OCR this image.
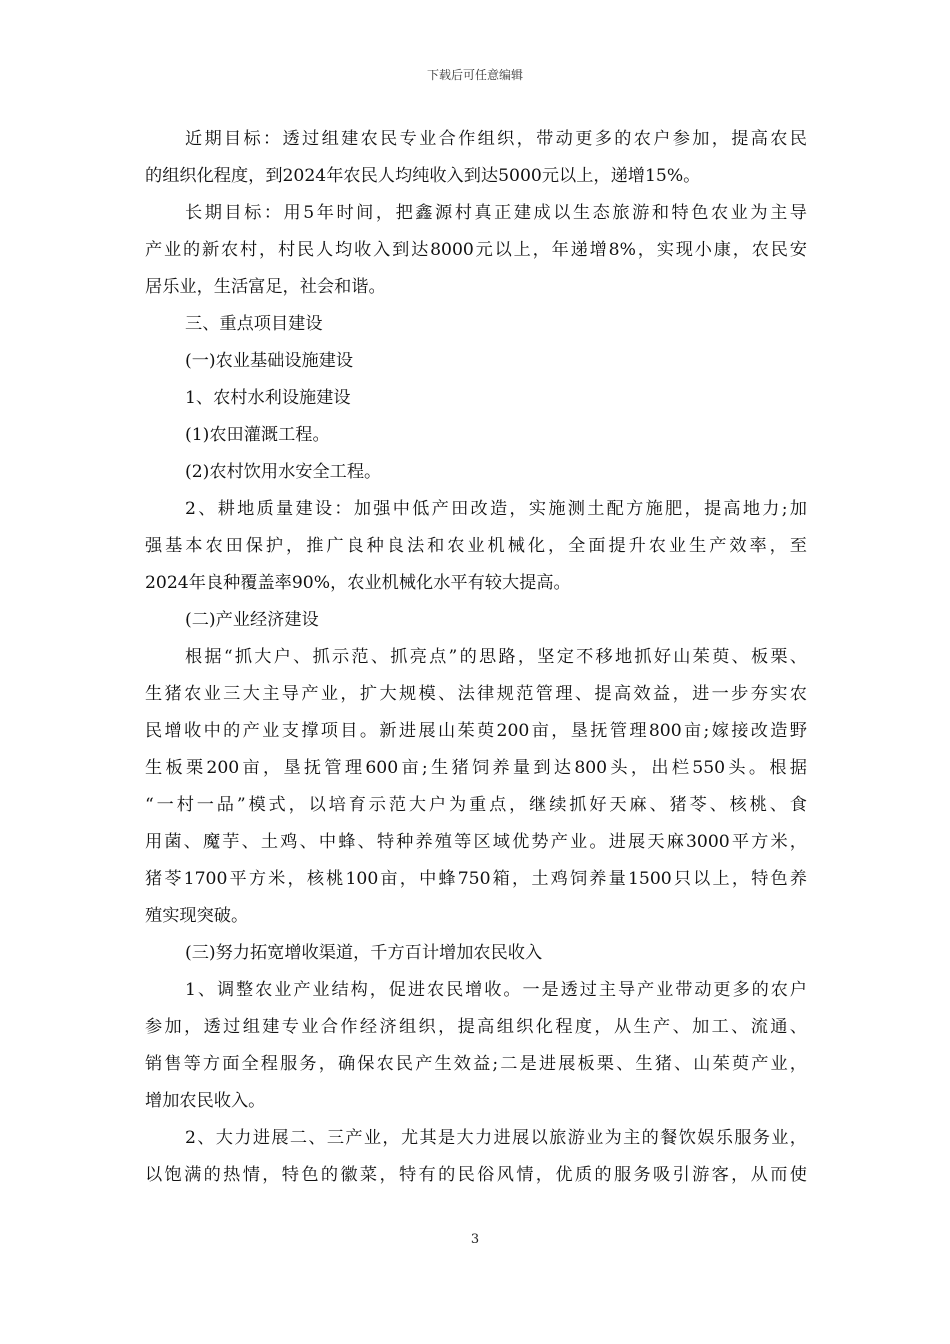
下载后可任意编辑
近期目标：透过组建农民专业合作组织，带动更多的农户参加，提高农民
的组织化程度，到2024年农民人均纯收入到达5000元以上，递增15%。
长期目标：用5年时间，把鑫源村真正建成以生态旅游和特色农业为主导
产业的新农村，村民人均收入到达8000元以上，年递增8%，实现小康，农民安
居乐业，生活富足，社会和谐。
三、重点项目建设
(一)农业基础设施建设
1、农村水利设施建设
(1)农田灌溉工程。
(2)农村饮用水安全工程。
2、耕地质量建设：加强中低产田改造，实施测土配方施肥，提高地力;加
强基本农田保护，推广良种良法和农业机械化，全面提升农业生产效率，至
2024年良种覆盖率90%，农业机械化水平有较大提高。
(二)产业经济建设
根据“抓大户、抓示范、抓亮点”的思路，坚定不移地抓好山茱萸、板栗、
生猪农业三大主导产业，扩大规模、法律规范管理、提高效益，进一步夯实农
民增收中的产业支撑项目。新进展山茱萸200亩，垦抚管理800亩;嫁接改造野
生板栗200亩，垦抚管理600亩;生猪饲养量到达800头，出栏550头。根据
“一村一品”模式，以培育示范大户为重点，继续抓好天麻、猪苓、核桃、食
用菌、魔芋、土鸡、中蜂、特种养殖等区域优势产业。进展天麻3000平方米，
猪苓1700平方米，核桃100亩，中蜂750箱，土鸡饲养量1500只以上，特色养
殖实现突破。
(三)努力拓宽增收渠道，千方百计增加农民收入
1、调整农业产业结构，促进农民增收。一是透过主导产业带动更多的农户
参加，透过组建专业合作经济组织，提高组织化程度，从生产、加工、流通、
销售等方面全程服务，确保农民产生效益;二是进展板栗、生猪、山茱萸产业，
增加农民收入。
2、大力进展二、三产业，尤其是大力进展以旅游业为主的餐饮娱乐服务业，
以饱满的热情，特色的徽菜，特有的民俗风情，优质的服务吸引游客，从而使
3
